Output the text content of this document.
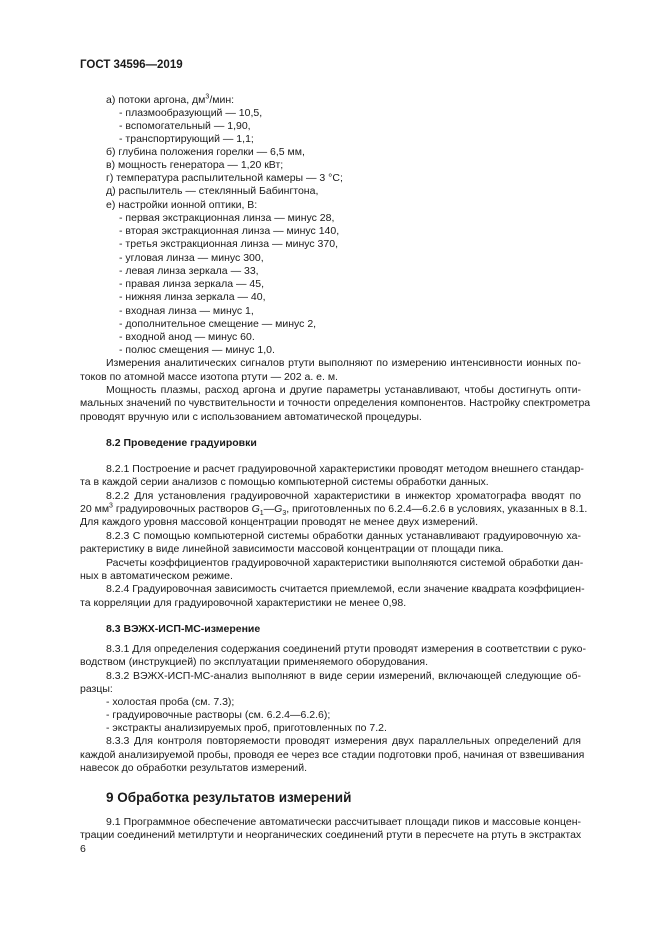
ГОСТ 34596—2019
а) потоки аргона, $дм^3$/мин:
- плазмообразующий — 10,5,
- вспомогательный — 1,90,
- транспортирующий — 1,1;
б) глубина положения горелки — 6,5 мм,
в) мощность генератора — 1,20 кВт;
г) температура распылительной камеры — 3 °C;
д) распылитель — стеклянный Бабингтона,
е) настройки ионной оптики, В:
- первая экстракционная линза — минус 28,
- вторая экстракционная линза — минус 140,
- третья экстракционная линза — минус 370,
- угловая линза — минус 300,
- левая линза зеркала — 33,
- правая линза зеркала — 45,
- нижняя линза зеркала — 40,
- входная линза — минус 1,
- дополнительное смещение — минус 2,
- входной анод — минус 60.
- полюс смещения — минус 1,0.
Измерения аналитических сигналов ртути выполняют по измерению интенсивности ионных по-
токов по атомной массе изотопа ртути — 202 а. е. м.
Мощность плазмы, расход аргона и другие параметры устанавливают, чтобы достигнуть опти-
мальных значений по чувствительности и точности определения компонентов. Настройку спектрометра
проводят вручную или с использованием автоматической процедуры.
8.2 Проведение градуировки
8.2.1 Построение и расчет градуировочной характеристики проводят методом внешнего стандар-
та в каждой серии анализов с помощью компьютерной системы обработки данных.
8.2.2 Для установления градуировочной характеристики в инжектор хроматографа вводят по
20 $мм^3$ градуировочных растворов $G_1—G_3$, приготовленных по 6.2.4—6.2.6 в условиях, указанных в 8.1.
Для каждого уровня массовой концентрации проводят не менее двух измерений.
8.2.3 С помощью компьютерной системы обработки данных устанавливают градуировочную ха-
рактеристику в виде линейной зависимости массовой концентрации от площади пика.
Расчеты коэффициентов градуировочной характеристики выполняются системой обработки дан-
ных в автоматическом режиме.
8.2.4 Градуировочная зависимость считается приемлемой, если значение квадрата коэффициен-
та корреляции для градуировочной характеристики не менее 0,98.
8.3 ВЭЖХ-ИСП-МС-измерение
8.3.1 Для определения содержания соединений ртути проводят измерения в соответствии с руко-
водством (инструкцией) по эксплуатации применяемого оборудования.
8.3.2 ВЭЖХ-ИСП-МС-анализ выполняют в виде серии измерений, включающей следующие об-
разцы:
- холостая проба (см. 7.3);
- градуировочные растворы (см. 6.2.4—6.2.6);
- экстракты анализируемых проб, приготовленных по 7.2.
8.3.3 Для контроля повторяемости проводят измерения двух параллельных определений для
каждой анализируемой пробы, проводя ее через все стадии подготовки проб, начиная от взвешивания
навесок до обработки результатов измерений.
9 Обработка результатов измерений
9.1 Программное обеспечение автоматически рассчитывает площади пиков и массовые концен-
трации соединений метилртути и неорганических соединений ртути в пересчете на ртуть в экстрактах
6
